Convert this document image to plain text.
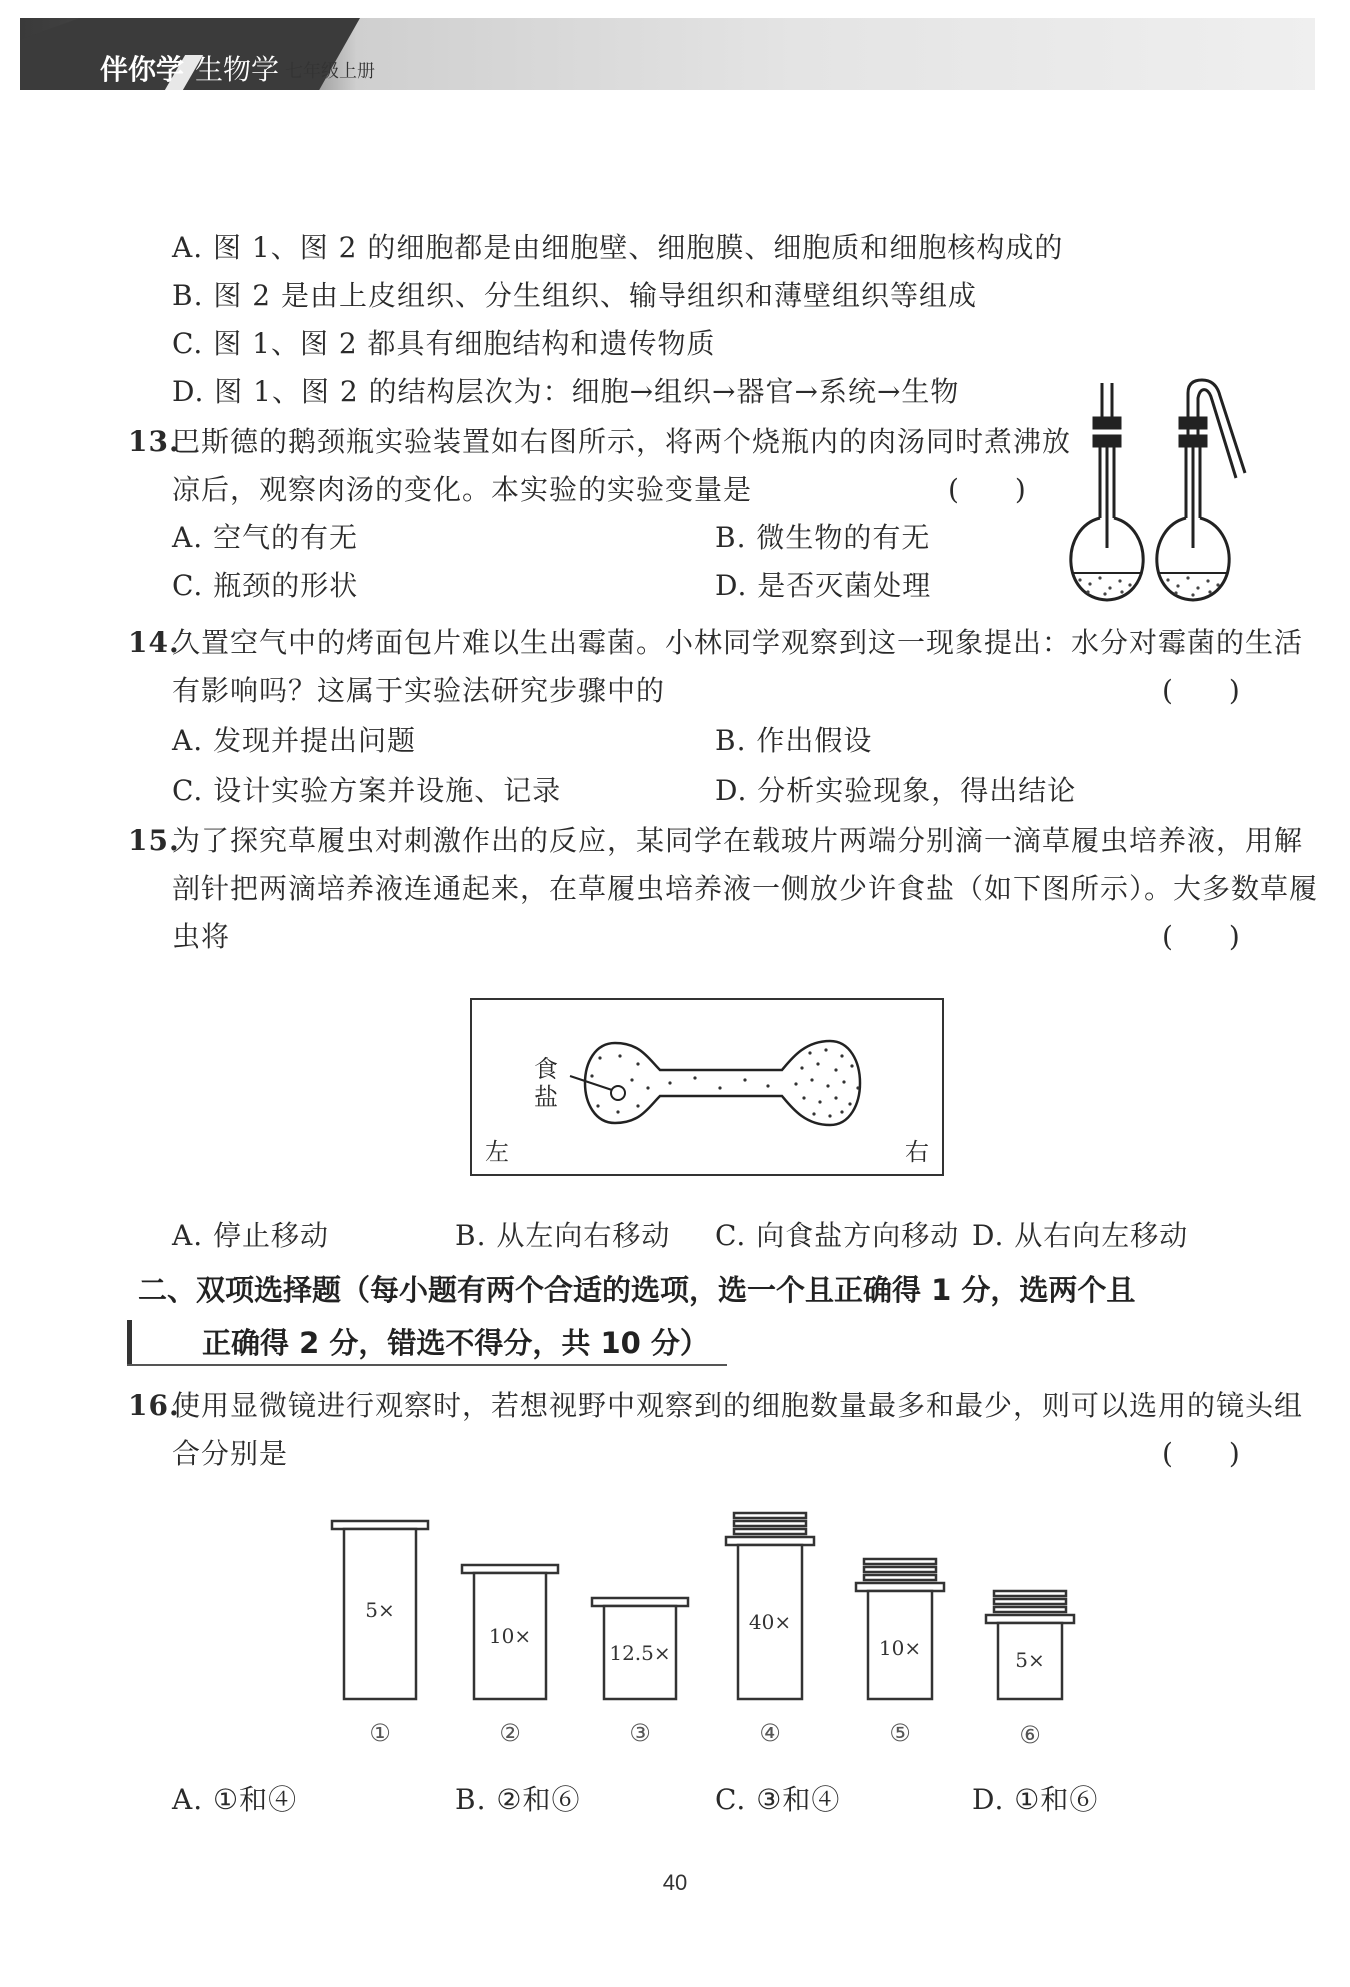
伴你学 生物学 七年级上册
A. 图 1、图 2 的细胞都是由细胞壁、细胞膜、细胞质和细胞核构成的
B. 图 2 是由上皮组织、分生组织、输导组织和薄壁组织等组成
C. 图 1、图 2 都具有细胞结构和遗传物质
D. 图 1、图 2 的结构层次为：细胞→组织→器官→系统→生物
13.
巴斯德的鹅颈瓶实验装置如右图所示，将两个烧瓶内的肉汤同时煮沸放
凉后，观察肉汤的变化。本实验的实验变量是	(　　)
A. 空气的有无	B. 微生物的有无
C. 瓶颈的形状	D. 是否灭菌处理
14.
久置空气中的烤面包片难以生出霉菌。小林同学观察到这一现象提出：水分对霉菌的生活
有影响吗？这属于实验法研究步骤中的	(　　)
A. 发现并提出问题	B. 作出假设
C. 设计实验方案并设施、记录	D. 分析实验现象，得出结论
15.
为了探究草履虫对刺激作出的反应，某同学在载玻片两端分别滴一滴草履虫培养液，用解
剖针把两滴培养液连通起来，在草履虫培养液一侧放少许食盐（如下图所示）。大多数草履
虫将	(　　)
食
盐
左	右
A. 停止移动	B. 从左向右移动 C. 向食盐方向移动 D. 从右向左移动
二、双项选择题（每小题有两个合适的选项，选一个且正确得 1 分，选两个且
正确得 2 分，错选不得分，共 10 分）
16.
使用显微镜进行观察时，若想视野中观察到的细胞数量最多和最少，则可以选用的镜头组
合分别是	(　　)
5×
10×
12.5×
40×
10×	5×
①	②	③	④	⑤	⑥
A. ①和④	B. ②和⑥	C. ③和④	D. ①和⑥
40
